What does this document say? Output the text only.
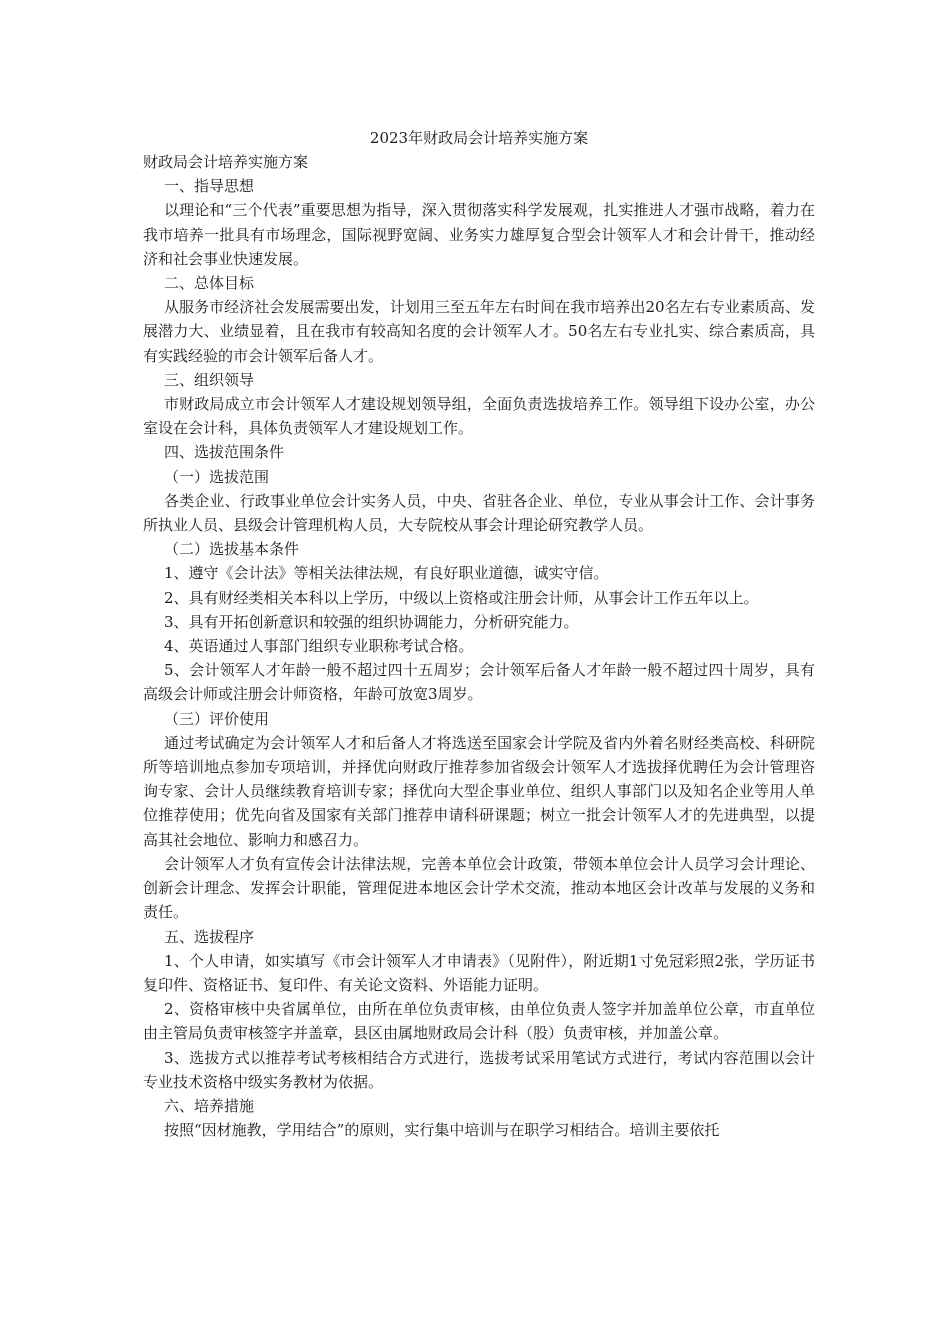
2023年财政局会计培养实施方案

财政局会计培养实施方案

一、指导思想

以理论和“三个代表”重要思想为指导，深入贯彻落实科学发展观，扎实推进人才强市战略，着力在我市培养一批具有市场理念，国际视野宽阔、业务实力雄厚复合型会计领军人才和会计骨干，推动经济和社会事业快速发展。

二、总体目标

从服务市经济社会发展需要出发，计划用三至五年左右时间在我市培养出20名左右专业素质高、发展潜力大、业绩显着，且在我市有较高知名度的会计领军人才。50名左右专业扎实、综合素质高，具有实践经验的市会计领军后备人才。

三、组织领导

市财政局成立市会计领军人才建设规划领导组，全面负责选拔培养工作。领导组下设办公室，办公室设在会计科，具体负责领军人才建设规划工作。

四、选拔范围条件

（一）选拔范围

各类企业、行政事业单位会计实务人员，中央、省驻各企业、单位，专业从事会计工作、会计事务所执业人员、县级会计管理机构人员，大专院校从事会计理论研究教学人员。

（二）选拔基本条件

1、遵守《会计法》等相关法律法规，有良好职业道德，诚实守信。

2、具有财经类相关本科以上学历，中级以上资格或注册会计师，从事会计工作五年以上。

3、具有开拓创新意识和较强的组织协调能力，分析研究能力。

4、英语通过人事部门组织专业职称考试合格。

5、会计领军人才年龄一般不超过四十五周岁；会计领军后备人才年龄一般不超过四十周岁，具有高级会计师或注册会计师资格，年龄可放宽3周岁。

（三）评价使用

通过考试确定为会计领军人才和后备人才将选送至国家会计学院及省内外着名财经类高校、科研院所等培训地点参加专项培训，并择优向财政厅推荐参加省级会计领军人才选拔择优聘任为会计管理咨询专家、会计人员继续教育培训专家；择优向大型企事业单位、组织人事部门以及知名企业等用人单位推荐使用；优先向省及国家有关部门推荐申请科研课题；树立一批会计领军人才的先进典型，以提高其社会地位、影响力和感召力。

会计领军人才负有宣传会计法律法规，完善本单位会计政策，带领本单位会计人员学习会计理论、创新会计理念、发挥会计职能，管理促进本地区会计学术交流，推动本地区会计改革与发展的义务和责任。

五、选拔程序

1、个人申请，如实填写《市会计领军人才申请表》（见附件），附近期1寸免冠彩照2张，学历证书复印件、资格证书、复印件、有关论文资料、外语能力证明。

2、资格审核中央省属单位，由所在单位负责审核，由单位负责人签字并加盖单位公章，市直单位由主管局负责审核签字并盖章，县区由属地财政局会计科（股）负责审核，并加盖公章。

3、选拔方式以推荐考试考核相结合方式进行，选拔考试采用笔试方式进行，考试内容范围以会计专业技术资格中级实务教材为依据。

六、培养措施

按照“因材施教，学用结合”的原则，实行集中培训与在职学习相结合。培训主要依托
